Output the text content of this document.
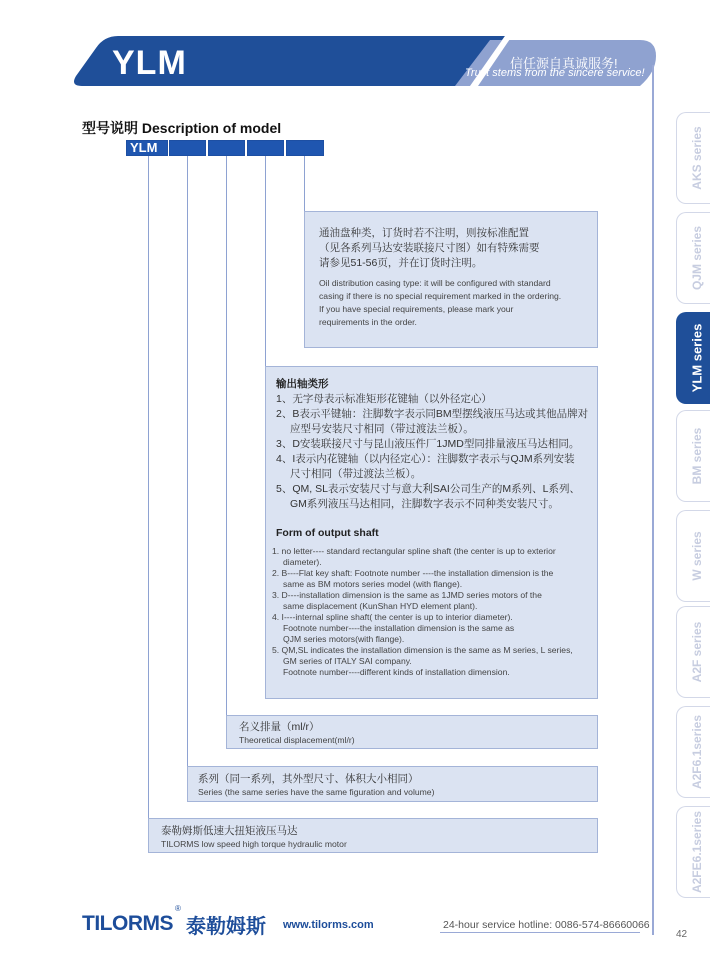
YLM	信任源自真诚服务!
Trust stems from the sincere service!
AKS series
QJM series
YLM series
BM series
W series
A2F series
A2F6.1series
A2FE6.1series
型号说明 Description of model
YLM
通油盘种类，订货时若不注明，则按标准配置
（见各系列马达安装联接尺寸图）如有特殊需要
请参见51-56页，并在订货时注明。
Oil distribution casing type: it will be configured with standard
casing if there is no special requirement marked in the ordering.
If you have special requirements, please mark your
requirements in the order.
输出轴类形
1、无字母表示标准矩形花键轴（以外径定心）
2、B表示平键轴：注脚数字表示同BM型摆线液压马达或其他品牌对
应型号安装尺寸相同（带过渡法兰板）。
3、D安装联接尺寸与昆山液压件厂1JMD型同排量液压马达相同。
4、I表示内花键轴（以内径定心）：注脚数字表示与QJM系列安装
尺寸相同（带过渡法兰板）。
5、QM, SL表示安装尺寸与意大利SAI公司生产的M系列、L系列、
GM系列液压马达相同，注脚数字表示不同种类安装尺寸。
Form of output shaft
1. no letter---- standard rectangular spline shaft (the center is up to exterior
diameter).
2. B----Flat key shaft: Footnote number ----the installation dimension is the
same as BM motors series model (with flange).
3. D----installation dimension is the same as 1JMD series motors of the
same displacement (KunShan HYD element plant).
4. I----internal spline shaft( the center is up to interior diameter).
Footnote number----the installation dimension is the same as
QJM series motors(with flange).
5. QM,SL indicates the installation dimension is the same as M series, L series,
GM series of ITALY SAI company.
Footnote number----different kinds of installation dimension.
名义排量（ml/r）
Theoretical displacement(ml/r)
系列（同一系列，其外型尺寸、体积大小相同）
Series (the same series have the same figuration and volume)
泰勒姆斯低速大扭矩液压马达
TILORMS low speed high torque hydraulic motor
TILORMS
®
泰勒姆斯 www.tilorms.com	24-hour service hotline: 0086-574-86660066
42
